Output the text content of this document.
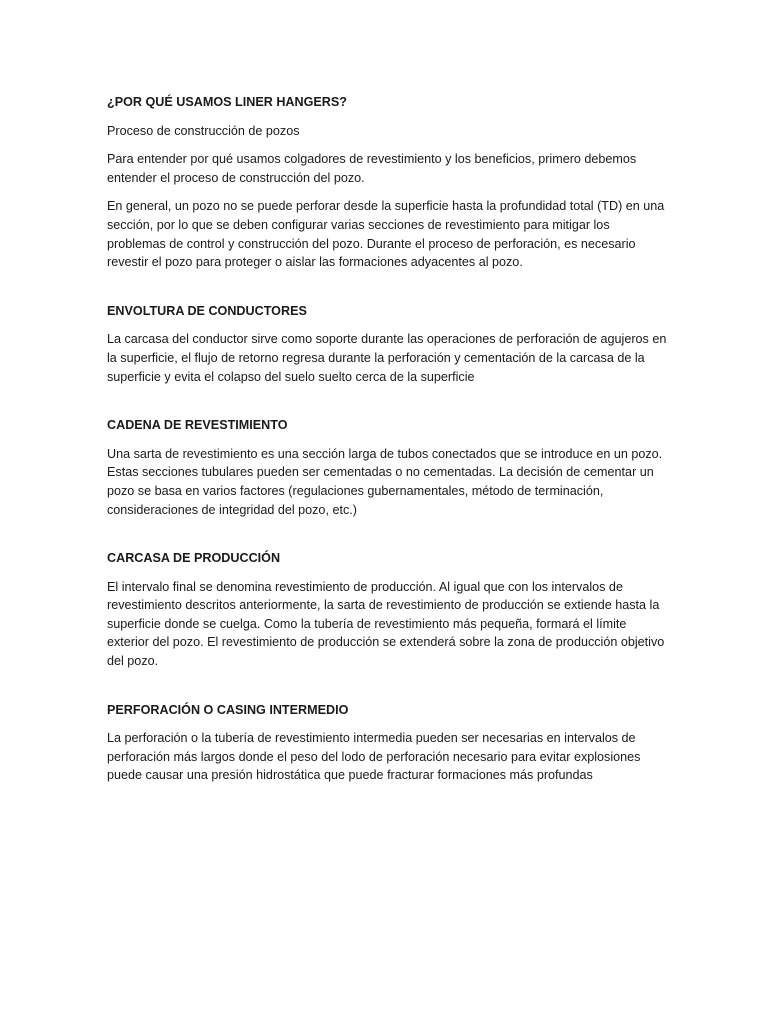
¿POR QUÉ USAMOS LINER HANGERS?

Proceso de construcción de pozos

Para entender por qué usamos colgadores de revestimiento y los beneficios, primero debemos entender el proceso de construcción del pozo.

En general, un pozo no se puede perforar desde la superficie hasta la profundidad total (TD) en una sección, por lo que se deben configurar varias secciones de revestimiento para mitigar los problemas de control y construcción del pozo. Durante el proceso de perforación, es necesario revestir el pozo para proteger o aislar las formaciones adyacentes al pozo.

ENVOLTURA DE CONDUCTORES

La carcasa del conductor sirve como soporte durante las operaciones de perforación de agujeros en la superficie, el flujo de retorno regresa durante la perforación y cementación de la carcasa de la superficie y evita el colapso del suelo suelto cerca de la superficie

CADENA DE REVESTIMIENTO

Una sarta de revestimiento es una sección larga de tubos conectados que se introduce en un pozo. Estas secciones tubulares pueden ser cementadas o no cementadas. La decisión de cementar un pozo se basa en varios factores (regulaciones gubernamentales, método de terminación, consideraciones de integridad del pozo, etc.)

CARCASA DE PRODUCCIÓN

El intervalo final se denomina revestimiento de producción. Al igual que con los intervalos de revestimiento descritos anteriormente, la sarta de revestimiento de producción se extiende hasta la superficie donde se cuelga. Como la tubería de revestimiento más pequeña, formará el límite exterior del pozo. El revestimiento de producción se extenderá sobre la zona de producción objetivo del pozo.

PERFORACIÓN O CASING INTERMEDIO

La perforación o la tubería de revestimiento intermedia pueden ser necesarias en intervalos de perforación más largos donde el peso del lodo de perforación necesario para evitar explosiones puede causar una presión hidrostática que puede fracturar formaciones más profundas
